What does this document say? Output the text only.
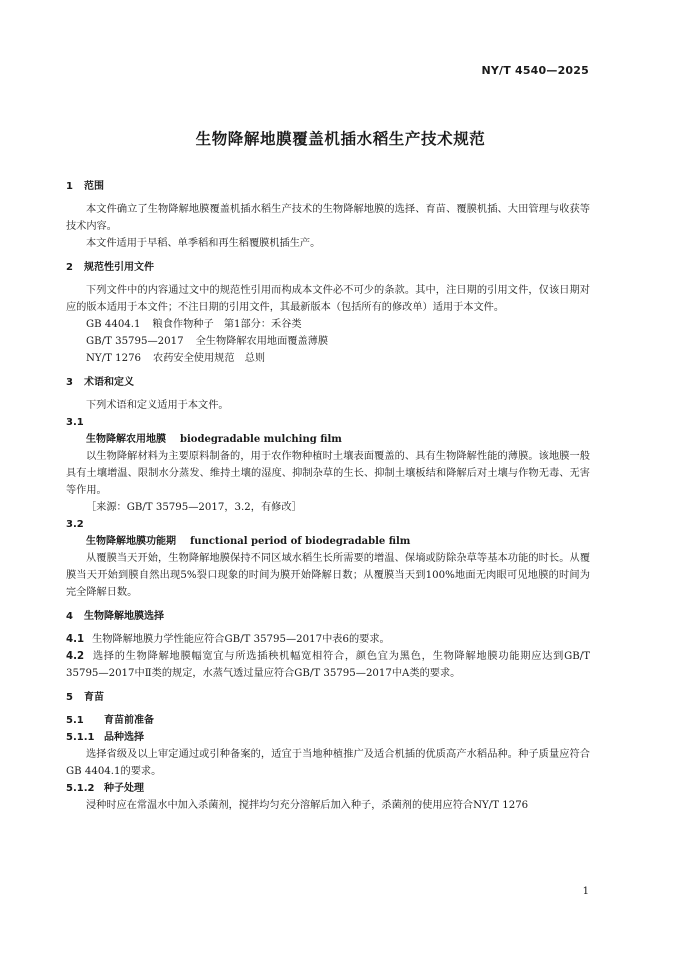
NY/T 4540—2025
生物降解地膜覆盖机插水稻生产技术规范
1 范围

本文件确立了生物降解地膜覆盖机插水稻生产技术的生物降解地膜的选择、育苗、覆膜机插、大田管理与收获等技术内容。

本文件适用于早稻、单季稻和再生稻覆膜机插生产。

2 规范性引用文件

下列文件中的内容通过文中的规范性引用而构成本文件必不可少的条款。其中，注日期的引用文件，仅该日期对应的版本适用于本文件；不注日期的引用文件，其最新版本（包括所有的修改单）适用于本文件。

GB 4404.1 粮食作物种子　第1部分：禾谷类

GB/T 35795—2017 全生物降解农用地面覆盖薄膜

NY/T 1276 农药安全使用规范　总则

3 术语和定义

下列术语和定义适用于本文件。

3.1

生物降解农用地膜 biodegradable mulching film

以生物降解材料为主要原料制备的，用于农作物种植时土壤表面覆盖的、具有生物降解性能的薄膜。该地膜一般具有土壤增温、限制水分蒸发、维持土壤的湿度、抑制杂草的生长、抑制土壤板结和降解后对土壤与作物无毒、无害等作用。

［来源：GB/T 35795—2017，3.2，有修改］

3.2

生物降解地膜功能期 functional period of biodegradable film

从覆膜当天开始，生物降解地膜保持不同区域水稻生长所需要的增温、保墒或防除杂草等基本功能的时长。从覆膜当天开始到膜自然出现5%裂口现象的时间为膜开始降解日数；从覆膜当天到100%地面无肉眼可见地膜的时间为完全降解日数。

4 生物降解地膜选择

4.1 生物降解地膜力学性能应符合GB/T 35795—2017中表6的要求。

4.2 选择的生物降解地膜幅宽宜与所选插秧机幅宽相符合，颜色宜为黑色，生物降解地膜功能期应达到GB/T 35795—2017中Ⅱ类的规定，水蒸气透过量应符合GB/T 35795—2017中A类的要求。

5 育苗

5.1 育苗前准备

5.1.1 品种选择

选择省级及以上审定通过或引种备案的，适宜于当地种植推广及适合机插的优质高产水稻品种。种子质量应符合GB 4404.1的要求。

5.1.2 种子处理

浸种时应在常温水中加入杀菌剂，搅拌均匀充分溶解后加入种子，杀菌剂的使用应符合NY/T 1276

1
